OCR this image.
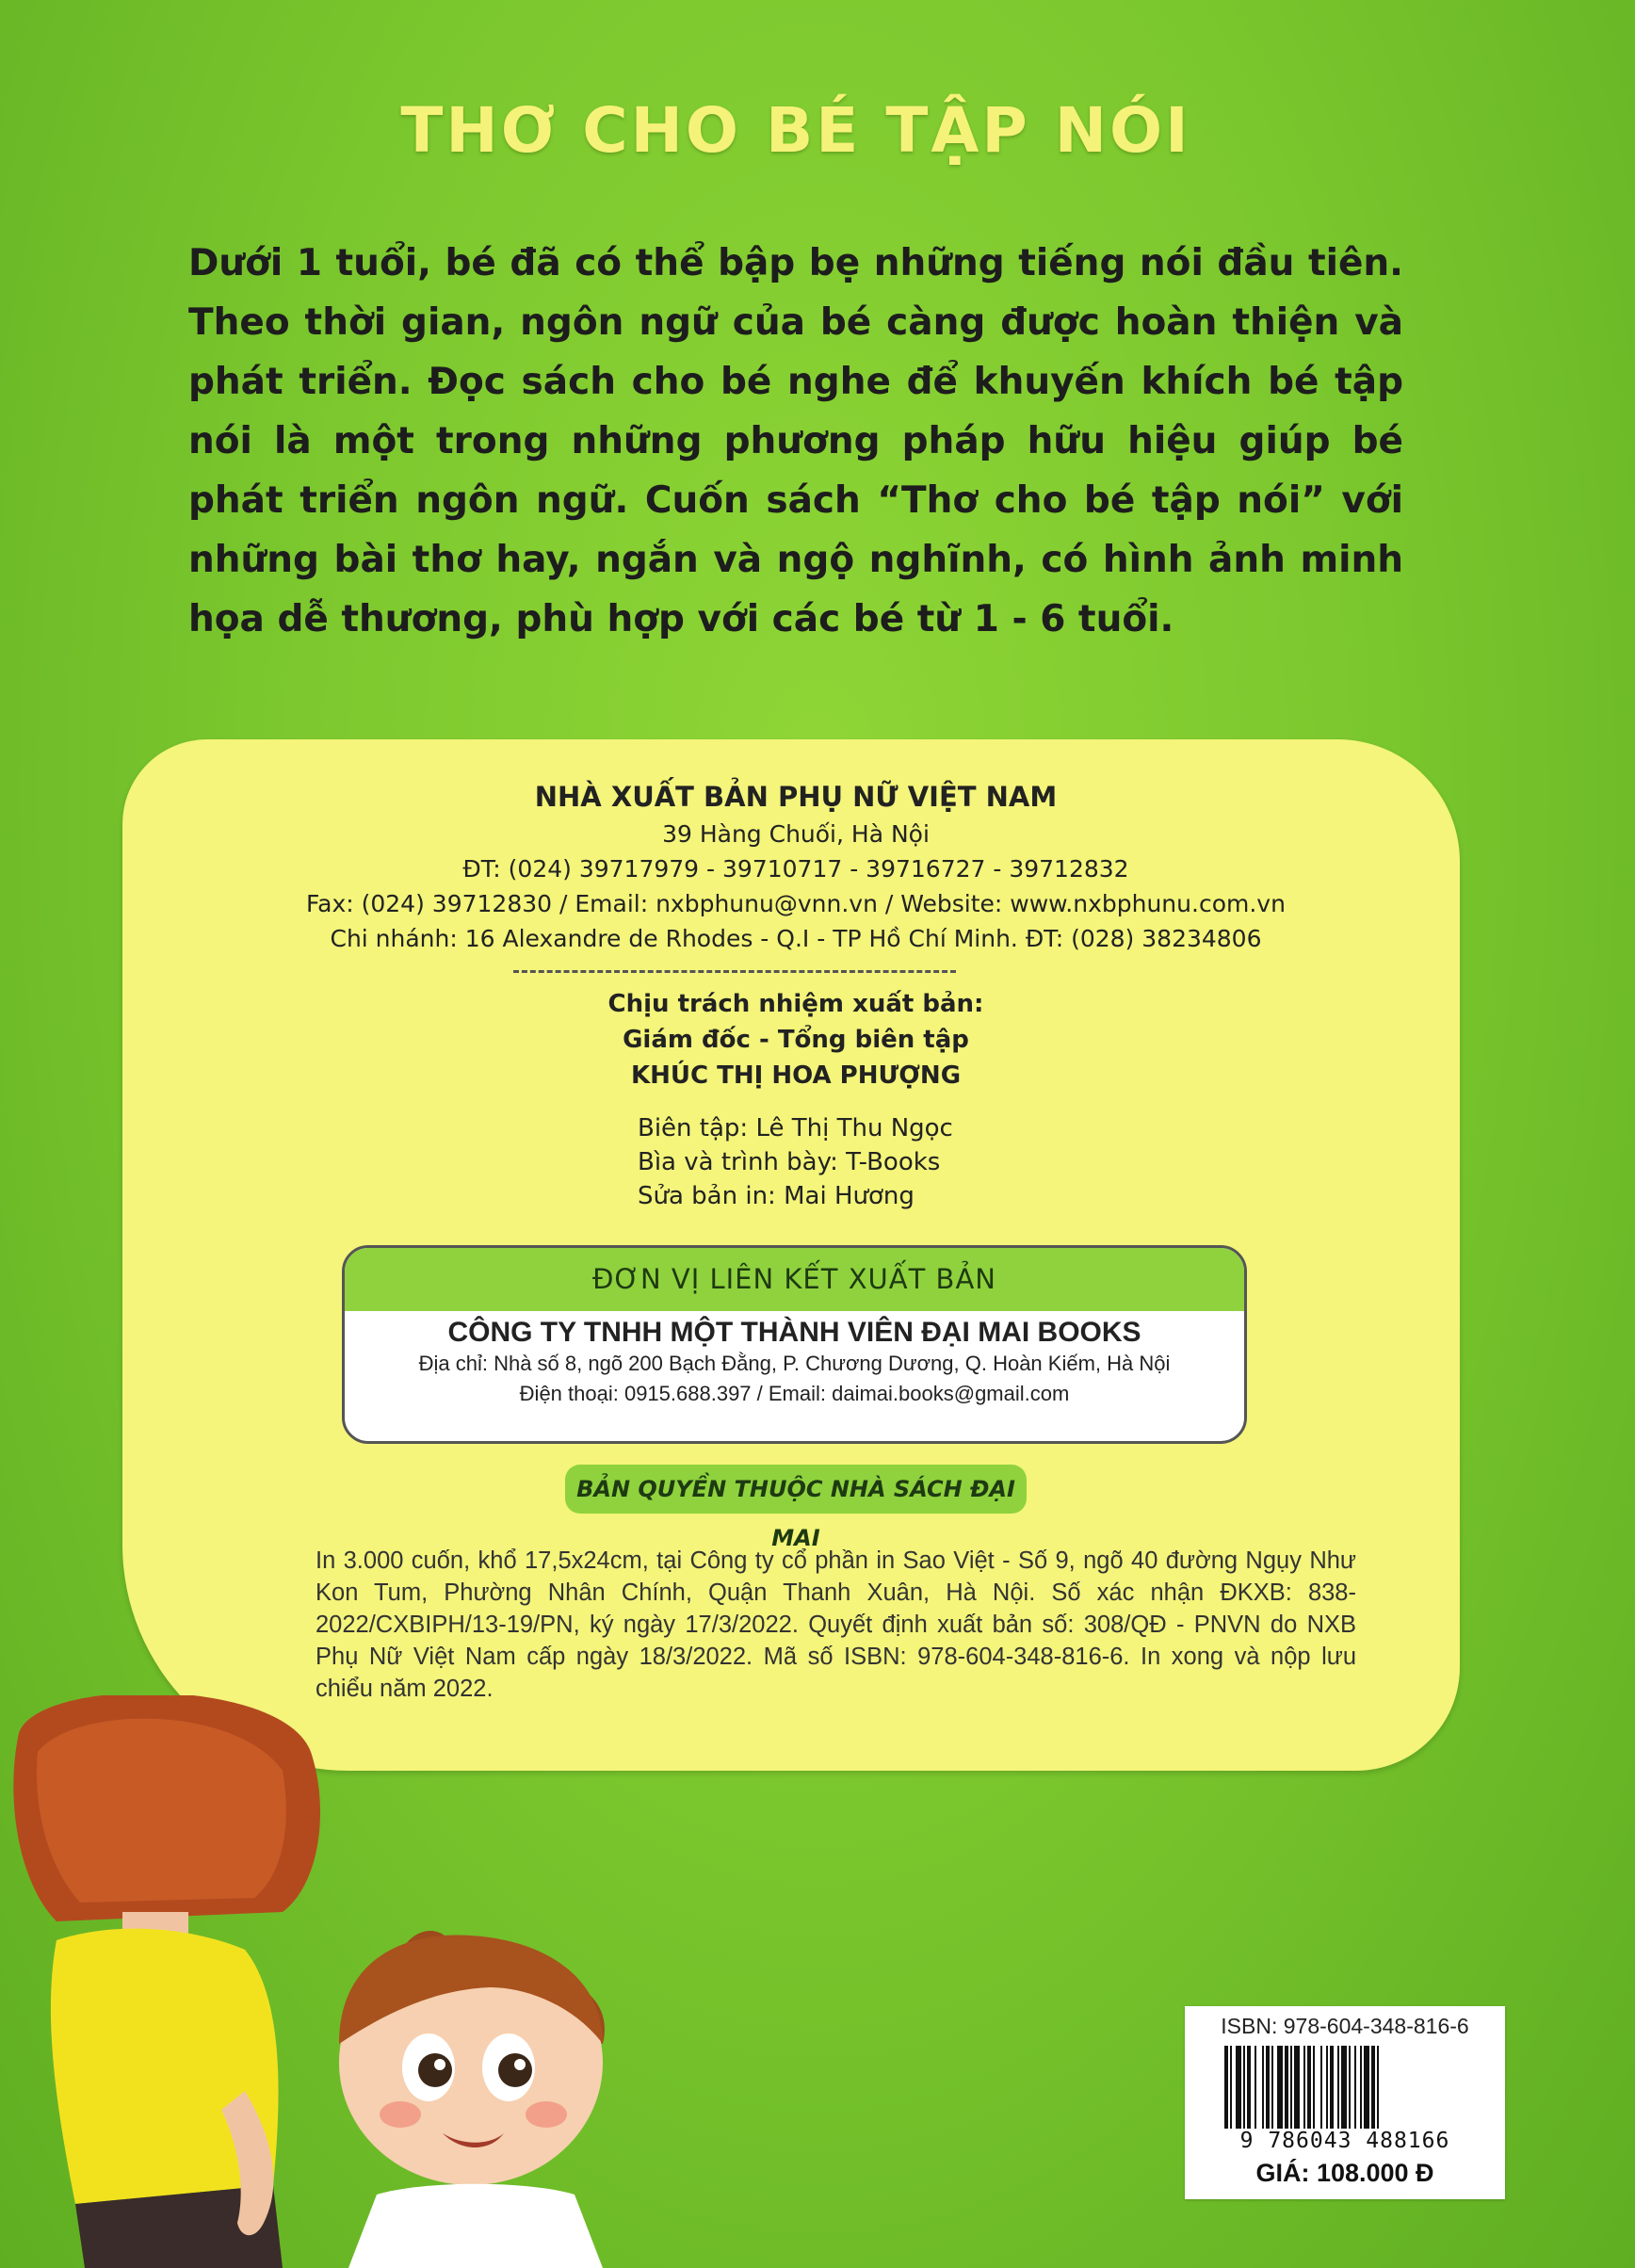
THƠ CHO BÉ TẬP NÓI
Dưới 1 tuổi, bé đã có thể bập bẹ những tiếng nói đầu tiên. Theo thời gian, ngôn ngữ của bé càng được hoàn thiện và phát triển. Đọc sách cho bé nghe để khuyến khích bé tập nói là một trong những phương pháp hữu hiệu giúp bé phát triển ngôn ngữ. Cuốn sách “Thơ cho bé tập nói” với những bài thơ hay, ngắn và ngộ nghĩnh, có hình ảnh minh họa dễ thương, phù hợp với các bé từ 1 - 6 tuổi.
NHÀ XUẤT BẢN PHỤ NỮ VIỆT NAM
39 Hàng Chuối, Hà Nội
ĐT: (024) 39717979 - 39710717 - 39716727 - 39712832
Fax: (024) 39712830 / Email: nxbphunu@vnn.vn / Website: www.nxbphunu.com.vn
Chi nhánh: 16 Alexandre de Rhodes - Q.I - TP Hồ Chí Minh. ĐT: (028) 38234806
Chịu trách nhiệm xuất bản:
Giám đốc - Tổng biên tập
KHÚC THỊ HOA PHƯỢNG
Biên tập: Lê Thị Thu Ngọc
Bìa và trình bày: T-Books
Sửa bản in: Mai Hương
ĐƠN VỊ LIÊN KẾT XUẤT BẢN
CÔNG TY TNHH MỘT THÀNH VIÊN ĐẠI MAI BOOKS
Địa chỉ: Nhà số 8, ngõ 200 Bạch Đằng, P. Chương Dương, Q. Hoàn Kiếm, Hà Nội
Điện thoại: 0915.688.397 / Email: daimai.books@gmail.com
BẢN QUYỀN THUỘC NHÀ SÁCH ĐẠI MAI
In 3.000 cuốn, khổ 17,5x24cm, tại Công ty cổ phần in Sao Việt - Số 9, ngõ 40 đường Ngụy Như Kon Tum, Phường Nhân Chính, Quận Thanh Xuân, Hà Nội. Số xác nhận ĐKXB: 838-2022/CXBIPH/13-19/PN, ký ngày 17/3/2022. Quyết định xuất bản số: 308/QĐ - PNVN do NXB Phụ Nữ Việt Nam cấp ngày 18/3/2022. Mã số ISBN: 978-604-348-816-6. In xong và nộp lưu chiểu năm 2022.
ISBN: 978-604-348-816-6
9 786043 488166
GIÁ: 108.000 Đ
